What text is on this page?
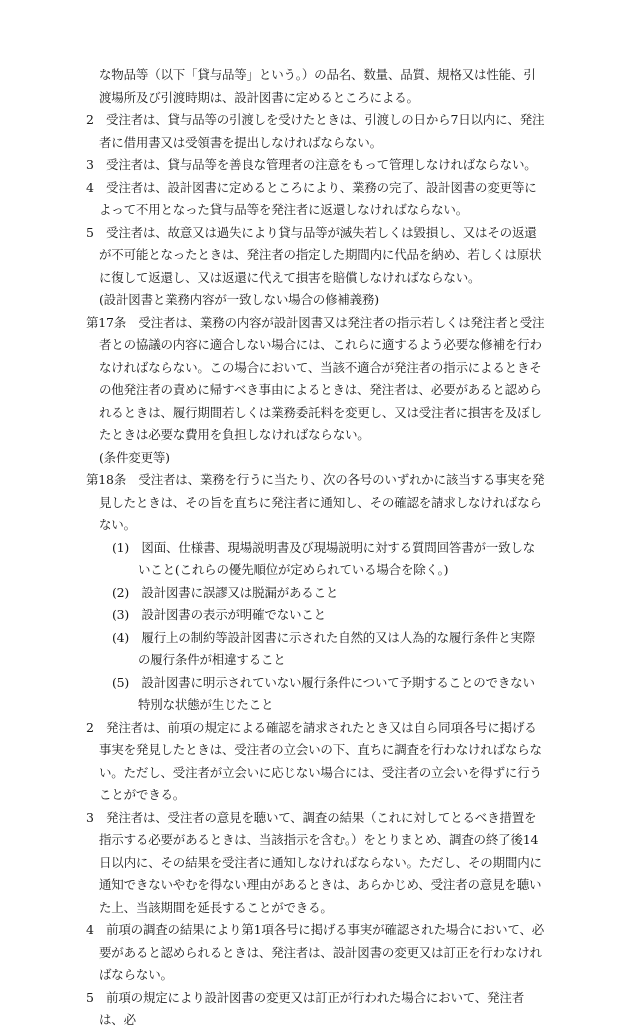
な物品等（以下「貸与品等」という。）の品名、数量、品質、規格又は性能、引渡場所及び引渡時期は、設計図書に定めるところによる。

2　受注者は、貸与品等の引渡しを受けたときは、引渡しの日から7日以内に、発注者に借用書又は受領書を提出しなければならない。

3　受注者は、貸与品等を善良な管理者の注意をもって管理しなければならない。

4　受注者は、設計図書に定めるところにより、業務の完了、設計図書の変更等によって不用となった貸与品等を発注者に返還しなければならない。

5　受注者は、故意又は過失により貸与品等が滅失若しくは毀損し、又はその返還が不可能となったときは、発注者の指定した期間内に代品を納め、若しくは原状に復して返還し、又は返還に代えて損害を賠償しなければならない。

(設計図書と業務内容が一致しない場合の修補義務)

第17条　受注者は、業務の内容が設計図書又は発注者の指示若しくは発注者と受注者との協議の内容に適合しない場合には、これらに適するよう必要な修補を行わなければならない。この場合において、当該不適合が発注者の指示によるときその他発注者の責めに帰すべき事由によるときは、発注者は、必要があると認められるときは、履行期間若しくは業務委託料を変更し、又は受注者に損害を及ぼしたときは必要な費用を負担しなければならない。

(条件変更等)

第18条　受注者は、業務を行うに当たり、次の各号のいずれかに該当する事実を発見したときは、その旨を直ちに発注者に通知し、その確認を請求しなければならない。

(1)　図面、仕様書、現場説明書及び現場説明に対する質問回答書が一致しないこと(これらの優先順位が定められている場合を除く。)

(2)　設計図書に誤謬又は脱漏があること

(3)　設計図書の表示が明確でないこと

(4)　履行上の制約等設計図書に示された自然的又は人為的な履行条件と実際の履行条件が相違すること

(5)　設計図書に明示されていない履行条件について予期することのできない特別な状態が生じたこと

2　発注者は、前項の規定による確認を請求されたとき又は自ら同項各号に掲げる事実を発見したときは、受注者の立会いの下、直ちに調査を行わなければならない。ただし、受注者が立会いに応じない場合には、受注者の立会いを得ずに行うことができる。

3　発注者は、受注者の意見を聴いて、調査の結果（これに対してとるべき措置を指示する必要があるときは、当該指示を含む。）をとりまとめ、調査の終了後14日以内に、その結果を受注者に通知しなければならない。ただし、その期間内に通知できないやむを得ない理由があるときは、あらかじめ、受注者の意見を聴いた上、当該期間を延長することができる。

4　前項の調査の結果により第1項各号に掲げる事実が確認された場合において、必要があると認められるときは、発注者は、設計図書の変更又は訂正を行わなければならない。

5　前項の規定により設計図書の変更又は訂正が行われた場合において、発注者は、必
